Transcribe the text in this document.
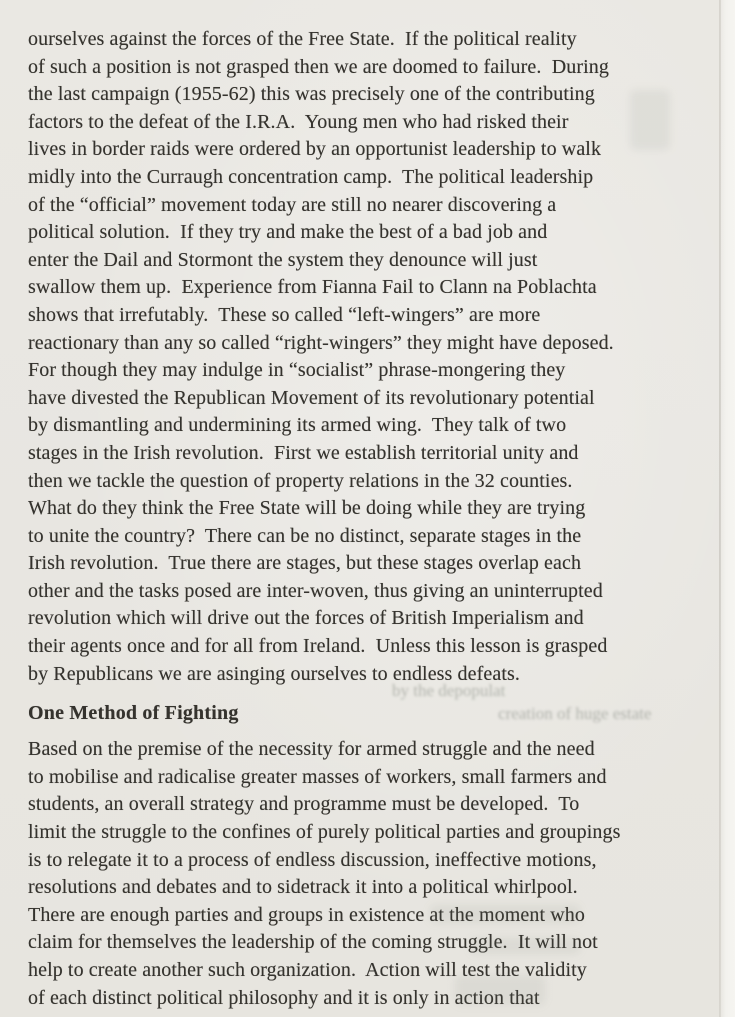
ourselves against the forces of the Free State.  If the political reality
of such a position is not grasped then we are doomed to failure.  During
the last campaign (1955-62) this was precisely one of the contributing
factors to the defeat of the I.R.A.  Young men who had risked their
lives in border raids were ordered by an opportunist leadership to walk
midly into the Curraugh concentration camp.  The political leadership
of the “official” movement today are still no nearer discovering a
political solution.  If they try and make the best of a bad job and
enter the Dail and Stormont the system they denounce will just
swallow them up.  Experience from Fianna Fail to Clann na Poblachta
shows that irrefutably.  These so called “left-wingers” are more
reactionary than any so called “right-wingers” they might have deposed.
For though they may indulge in “socialist” phrase-mongering they
have divested the Republican Movement of its revolutionary potential
by dismantling and undermining its armed wing.  They talk of two
stages in the Irish revolution.  First we establish territorial unity and
then we tackle the question of property relations in the 32 counties.
What do they think the Free State will be doing while they are trying
to unite the country?  There can be no distinct, separate stages in the
Irish revolution.  True there are stages, but these stages overlap each
other and the tasks posed are inter-woven, thus giving an uninterrupted
revolution which will drive out the forces of British Imperialism and
their agents once and for all from Ireland.  Unless this lesson is grasped
by Republicans we are asinging ourselves to endless defeats.
One Method of Fighting
Based on the premise of the necessity for armed struggle and the need
to mobilise and radicalise greater masses of workers, small farmers and
students, an overall strategy and programme must be developed.  To
limit the struggle to the confines of purely political parties and groupings
is to relegate it to a process of endless discussion, ineffective motions,
resolutions and debates and to sidetrack it into a political whirlpool.
There are enough parties and groups in existence at the moment who
claim for themselves the leadership of the coming struggle.  It will not
help to create another such organization.  Action will test the validity
of each distinct political philosophy and it is only in action that
by the depopulat
creation of huge estate
